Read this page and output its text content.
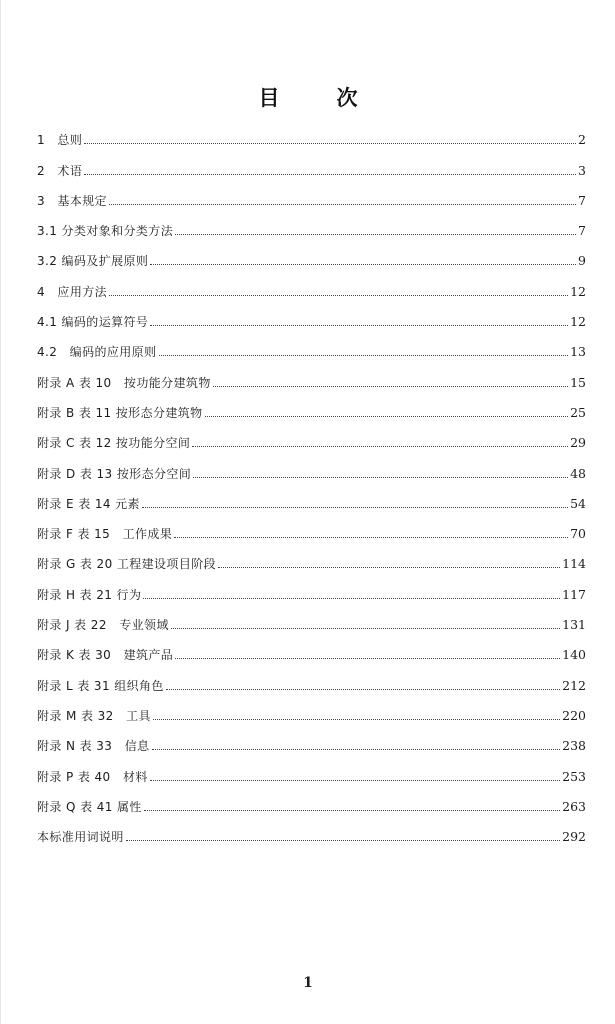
目　次
1　总则	2
2　术语	3
3　基本规定	7
3.1 分类对象和分类方法	7
3.2 编码及扩展原则	9
4　应用方法	12
4.1 编码的运算符号	12
4.2　编码的应用原则	13
附录 A 表 10　按功能分建筑物	15
附录 B 表 11 按形态分建筑物	25
附录 C 表 12 按功能分空间	29
附录 D 表 13 按形态分空间	48
附录 E 表 14 元素	54
附录 F 表 15　工作成果	70
附录 G 表 20 工程建设项目阶段	114
附录 H 表 21 行为	117
附录 J 表 22　专业领域	131
附录 K 表 30　建筑产品	140
附录 L 表 31 组织角色	212
附录 M 表 32　工具	220
附录 N 表 33　信息	238
附录 P 表 40　材料	253
附录 Q 表 41 属性	263
本标准用词说明	292
1
